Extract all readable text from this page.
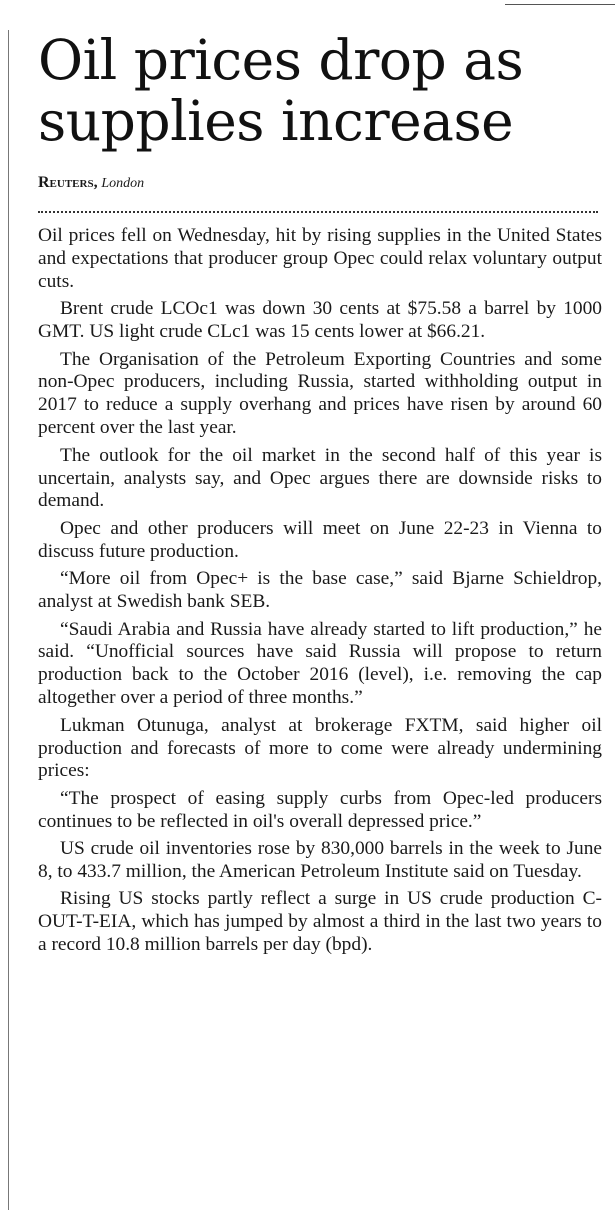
Oil prices drop as supplies increase
Reuters, London

Oil prices fell on Wednesday, hit by rising supplies in the United States and expectations that producer group Opec could relax voluntary output cuts.

Brent crude LCOc1 was down 30 cents at $75.58 a barrel by 1000 GMT. US light crude CLc1 was 15 cents lower at $66.21.

The Organisation of the Petroleum Exporting Countries and some non-Opec producers, including Russia, started withholding output in 2017 to reduce a supply overhang and prices have risen by around 60 percent over the last year.

The outlook for the oil market in the second half of this year is uncertain, analysts say, and Opec argues there are downside risks to demand.

Opec and other producers will meet on June 22-23 in Vienna to discuss future production.

“More oil from Opec+ is the base case,” said Bjarne Schieldrop, analyst at Swedish bank SEB.

“Saudi Arabia and Russia have already started to lift production,” he said. “Unofficial sources have said Russia will propose to return production back to the October 2016 (level), i.e. removing the cap altogether over a period of three months.”

Lukman Otunuga, analyst at brokerage FXTM, said higher oil production and forecasts of more to come were already undermining prices:

“The prospect of easing supply curbs from Opec-led producers continues to be reflected in oil's overall depressed price.”

US crude oil inventories rose by 830,000 barrels in the week to June 8, to 433.7 million, the American Petroleum Institute said on Tuesday.

Rising US stocks partly reflect a surge in US crude production C-OUT-T-EIA, which has jumped by almost a third in the last two years to a record 10.8 million barrels per day (bpd).
